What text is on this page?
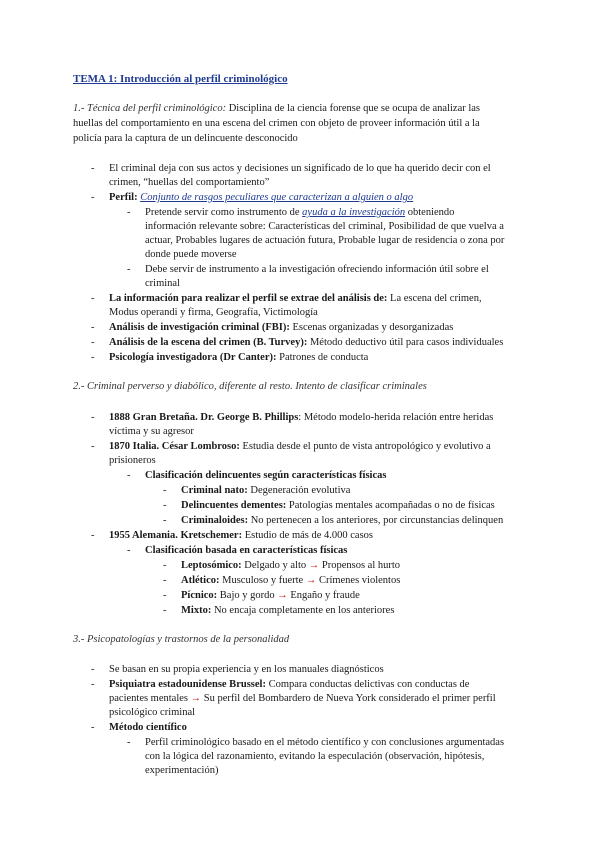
TEMA 1: Introducción al perfil criminológico
1.- Técnica del perfil criminológico: Disciplina de la ciencia forense que se ocupa de analizar las
huellas del comportamiento en una escena del crimen con objeto de proveer información útil a la
policía para la captura de un delincuente desconocido
- El criminal deja con sus actos y decisiones un significado de lo que ha querido decir con el
crimen, “huellas del comportamiento”
- Perfil: Conjunto de rasgos peculiares que caracterizan a alguien o algo
- Pretende servir como instrumento de ayuda a la investigación obteniendo
información relevante sobre: Características del criminal, Posibilidad de que vuelva a
actuar, Probables lugares de actuación futura, Probable lugar de residencia o zona por
donde puede moverse
- Debe servir de instrumento a la investigación ofreciendo información útil sobre el
criminal
- La información para realizar el perfil se extrae del análisis de: La escena del crimen,
Modus operandi y firma, Geografía, Victimología
- Análisis de investigación criminal (FBI): Escenas organizadas y desorganizadas
- Análisis de la escena del crimen (B. Turvey): Método deductivo útil para casos individuales
- Psicología investigadora (Dr Canter): Patrones de conducta
2.- Criminal perverso y diabólico, diferente al resto. Intento de clasificar criminales
- 1888 Gran Bretaña. Dr. George B. Phillips: Método modelo-herida relación entre heridas
víctima y su agresor
- 1870 Italia. César Lombroso: Estudia desde el punto de vista antropológico y evolutivo a
prisioneros
- Clasificación delincuentes según características físicas
- Criminal nato: Degeneración evolutiva
- Delincuentes dementes: Patologías mentales acompañadas o no de físicas
- Criminaloides: No pertenecen a los anteriores, por circunstancias delinquen
- 1955 Alemania. Kretschemer: Estudio de más de 4.000 casos
- Clasificación basada en características físicas
- Leptosómico: Delgado y alto → Propensos al hurto
- Atlético: Musculoso y fuerte → Crímenes violentos
- Pícnico: Bajo y gordo → Engaño y fraude
- Mixto: No encaja completamente en los anteriores
3.- Psicopatologías y trastornos de la personalidad
- Se basan en su propia experiencia y en los manuales diagnósticos
- Psiquiatra estadounidense Brussel: Compara conductas delictivas con conductas de
pacientes mentales → Su perfil del Bombardero de Nueva York considerado el primer perfil
psicológico criminal
- Método científico
- Perfil criminológico basado en el método científico y con conclusiones argumentadas
con la lógica del razonamiento, evitando la especulación (observación, hipótesis,
experimentación)
